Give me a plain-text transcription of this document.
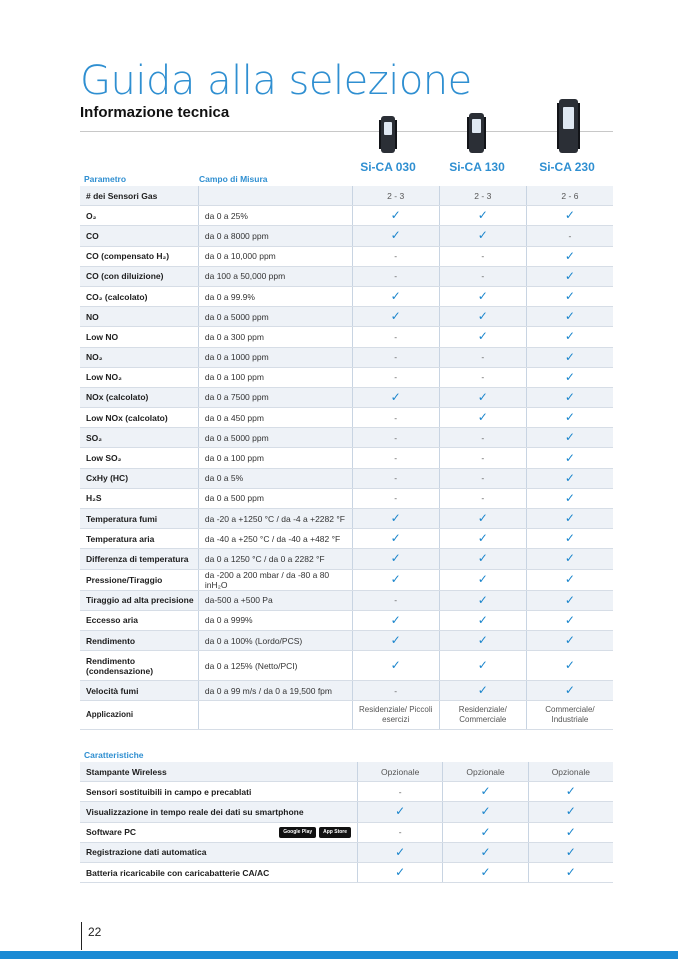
Guida alla selezione
Informazione tecnica
Si-CA 030	Si-CA 130	Si-CA 230
Parametro	Campo di Misura
# dei Sensori Gas		2 - 3	2 - 3	2 - 6
O₂	da 0 a 25%	✓	✓	✓
CO	da 0 a 8000 ppm	✓	✓	-
CO (compensato H₂)	da 0 a 10,000 ppm	-	-	✓
CO (con diluizione)	da 100 a 50,000 ppm	-	-	✓
CO₂ (calcolato)	da 0 a 99.9%	✓	✓	✓
NO	da 0 a 5000 ppm	✓	✓	✓
Low NO	da 0 a 300 ppm	-	✓	✓
NO₂	da 0 a 1000 ppm	-	-	✓
Low NO₂	da 0 a 100 ppm	-	-	✓
NOx (calcolato)	da 0 a 7500 ppm	✓	✓	✓
Low NOx (calcolato)	da 0 a 450 ppm	-	✓	✓
SO₂	da 0 a 5000 ppm	-	-	✓
Low SO₂	da 0 a 100 ppm	-	-	✓
CxHy (HC)	da 0 a 5%	-	-	✓
H₂S	da 0 a 500 ppm	-	-	✓
Temperatura fumi	da -20 a +1250 °C / da -4 a +2282 °F	✓	✓	✓
Temperatura aria	da -40 a +250 °C / da -40 a +482 °F	✓	✓	✓
Differenza di temperatura	da 0 a 1250 °C / da 0 a 2282 °F	✓	✓	✓
Pressione/Tiraggio	da -200 a 200 mbar / da -80 a 80 inH₂O	✓	✓	✓
Tiraggio ad alta precisione	da-500 a +500 Pa	-	✓	✓
Eccesso aria	da 0 a 999%	✓	✓	✓
Rendimento	da 0 a 100% (Lordo/PCS)	✓	✓	✓
Rendimento (condensazione)	da 0 a 125% (Netto/PCI)	✓	✓	✓
Velocità fumi	da 0 a 99 m/s / da 0 a 19,500 fpm	-	✓	✓
Applicazioni		Residenziale/ Piccoli esercizi	Residenziale/ Commerciale	Commerciale/ Industriale
Caratteristiche
Stampante Wireless	Opzionale	Opzionale	Opzionale
Sensori sostituibili in campo e precablati	-	✓	✓
Visualizzazione in tempo reale dei dati su smartphone	✓	✓	✓
Software PC Google Play App Store	-	✓	✓
Registrazione dati automatica	✓	✓	✓
Batteria ricaricabile con caricabatterie CA/AC	✓	✓	✓
22
